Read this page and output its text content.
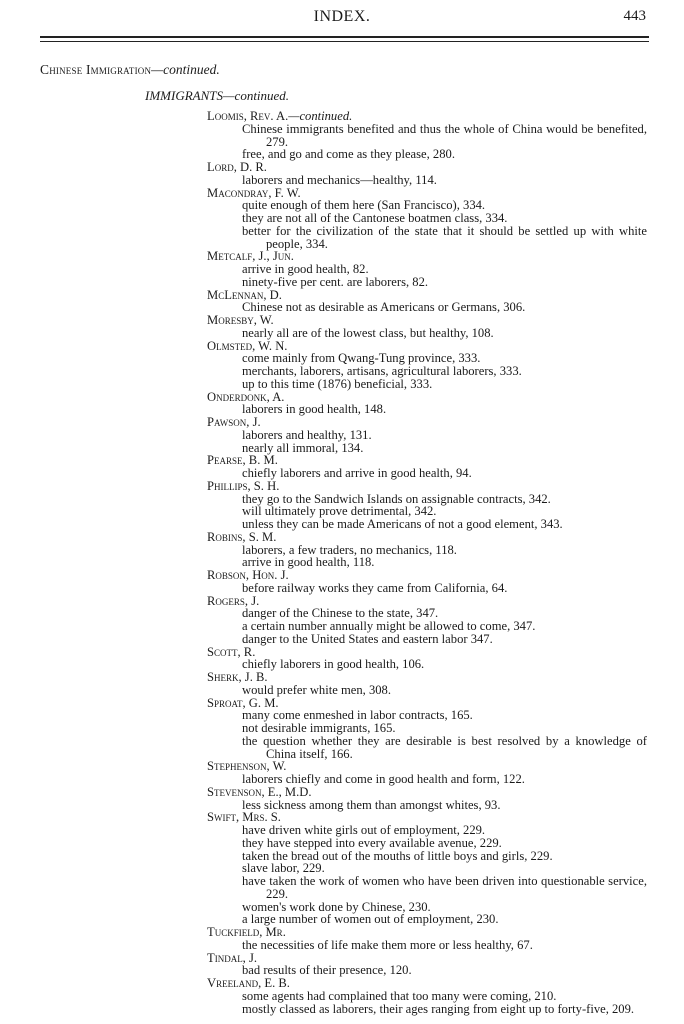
INDEX.	443
Chinese Immigration—continued.
IMMIGRANTS—continued.
Loomis, Rev. A.—continued.
Chinese immigrants benefited and thus the whole of China would be benefited, 279.
free, and go and come as they please, 280.
Lord, D. R.
laborers and mechanics—healthy, 114.
Macondray, F. W.
quite enough of them here (San Francisco), 334.
they are not all of the Cantonese boatmen class, 334.
better for the civilization of the state that it should be settled up with white people, 334.
Metcalf, J., Jun.
arrive in good health, 82.
ninety-five per cent. are laborers, 82.
McLennan, D.
Chinese not as desirable as Americans or Germans, 306.
Moresby, W.
nearly all are of the lowest class, but healthy, 108.
Olmsted, W. N.
come mainly from Qwang-Tung province, 333.
merchants, laborers, artisans, agricultural laborers, 333.
up to this time (1876) beneficial, 333.
Onderdonk, A.
laborers in good health, 148.
Pawson, J.
laborers and healthy, 131.
nearly all immoral, 134.
Pearse, B. M.
chiefly laborers and arrive in good health, 94.
Phillips, S. H.
they go to the Sandwich Islands on assignable contracts, 342.
will ultimately prove detrimental, 342.
unless they can be made Americans of not a good element, 343.
Robins, S. M.
laborers, a few traders, no mechanics, 118.
arrive in good health, 118.
Robson, Hon. J.
before railway works they came from California, 64.
Rogers, J.
danger of the Chinese to the state, 347.
a certain number annually might be allowed to come, 347.
danger to the United States and eastern labor 347.
Scott, R.
chiefly laborers in good health, 106.
Sherk, J. B.
would prefer white men, 308.
Sproat, G. M.
many come enmeshed in labor contracts, 165.
not desirable immigrants, 165.
the question whether they are desirable is best resolved by a knowledge of China itself, 166.
Stephenson, W.
laborers chiefly and come in good health and form, 122.
Stevenson, E., M.D.
less sickness among them than amongst whites, 93.
Swift, Mrs. S.
have driven white girls out of employment, 229.
they have stepped into every available avenue, 229.
taken the bread out of the mouths of little boys and girls, 229.
slave labor, 229.
have taken the work of women who have been driven into questionable service, 229.
women's work done by Chinese, 230.
a large number of women out of employment, 230.
Tuckfield, Mr.
the necessities of life make them more or less healthy, 67.
Tindal, J.
bad results of their presence, 120.
Vreeland, E. B.
some agents had complained that too many were coming, 210.
mostly classed as laborers, their ages ranging from eight up to forty-five, 209.
